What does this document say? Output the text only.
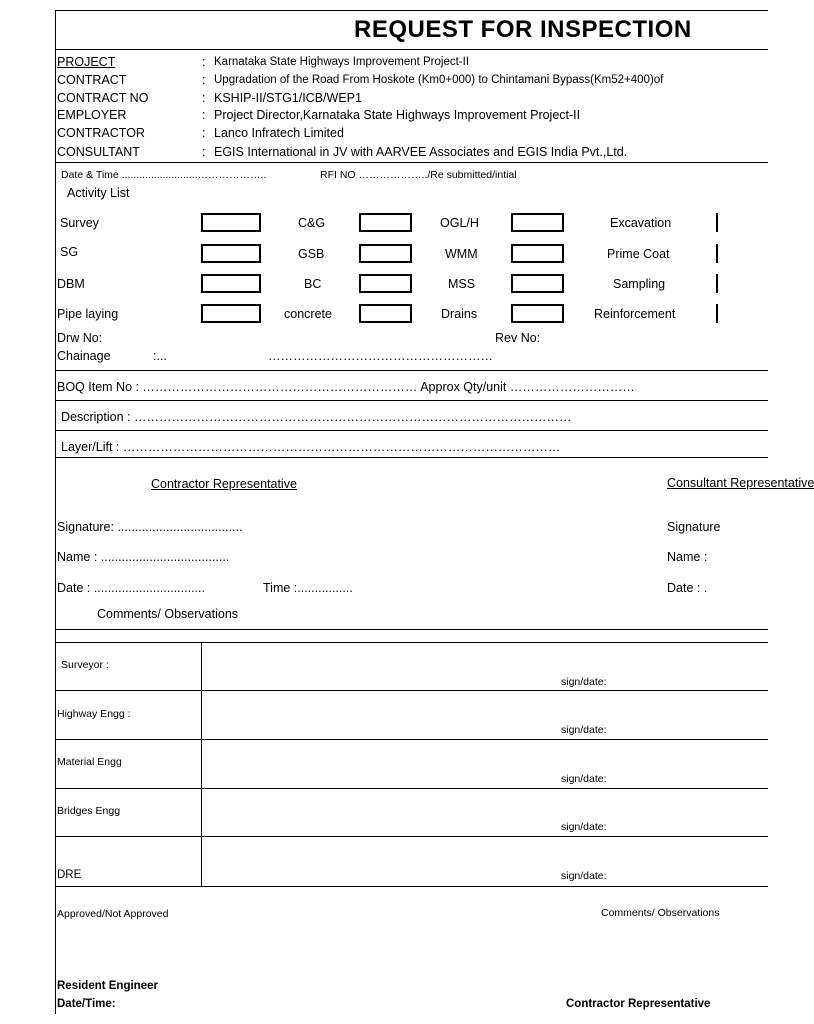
REQUEST FOR INSPECTION
PROJECT	: Karnataka State Highways Improvement Project-II
CONTRACT	: Upgradation of the Road From Hoskote (Km0+000) to Chintamani Bypass(Km52+400)of
CONTRACT NO	: KSHIP-II/STG1/ICB/WEP1
EMPLOYER	: Project Director,Karnataka State Highways Improvement Project-II
CONTRACTOR	: Lanco Infratech Limited
CONSULTANT	: EGIS International in JV with AARVEE Associates and EGIS India Pvt.,Ltd.
Date & Time ..........................………………..	RFI NO ………………../Re submitted/intial
Activity List
Survey	C&G	OGL/H	Excavation
SG	GSB	WMM	Prime Coat
DBM	BC	MSS	Sampling
Pipe laying	concrete	Drains	Reinforcement
Drw No:	Rev No:
Chainage	:...	………………………………………………
BOQ Item No : ………………………………………………………… Approx Qty/unit …………………………
Description : ……………………………………………………………………………………………
Layer/Lift : ……………………………………………………………………………………………
Contractor Representative	Consultant Representative
Signature: ....................................	Signature
Name : .....................................	Name :
Date : ................................	Time :................	Date : .
Comments/ Observations
Surveyor :
sign/date:
Highway Engg :
sign/date:
Material Engg
sign/date:
Bridges Engg
sign/date:
DRE	sign/date:
Approved/Not Approved	Comments/ Observations
Resident Engineer
Date/Time:	Contractor Representative
